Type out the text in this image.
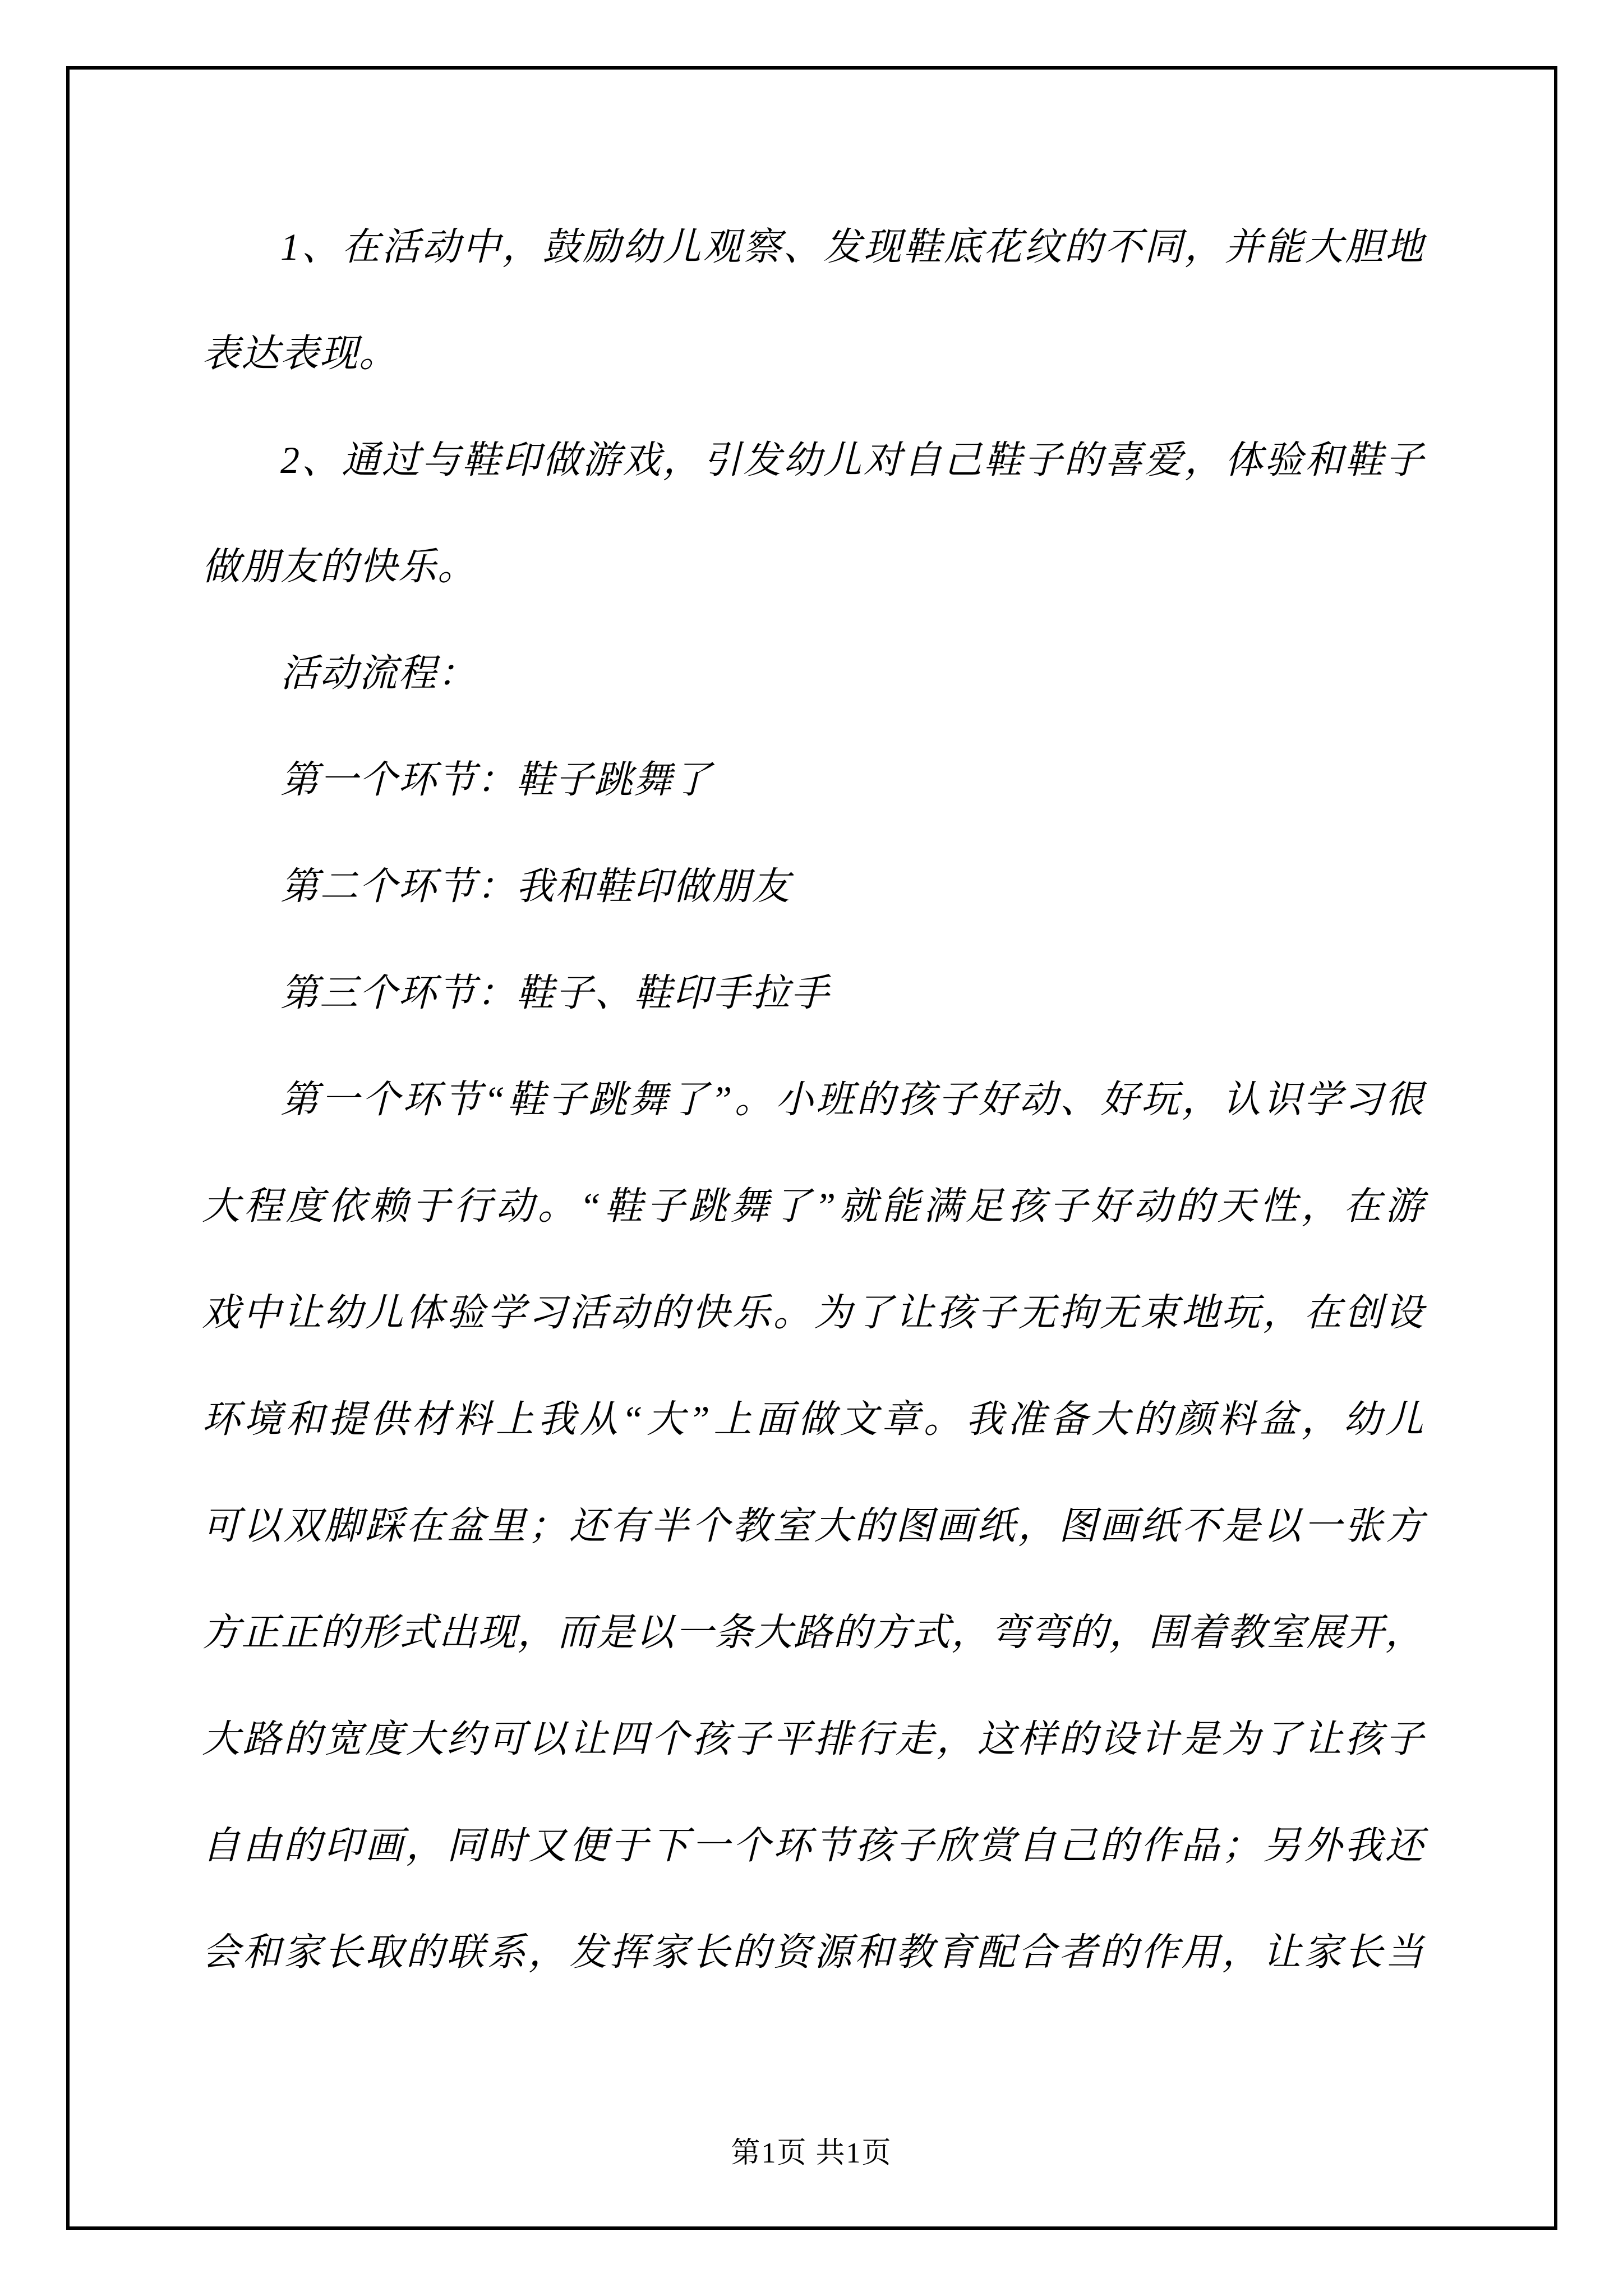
1、在活动中，鼓励幼儿观察、发现鞋底花纹的不同，并能大胆地
表达表现。
2、通过与鞋印做游戏，引发幼儿对自己鞋子的喜爱，体验和鞋子
做朋友的快乐。
活动流程：
第一个环节：鞋子跳舞了
第二个环节：我和鞋印做朋友
第三个环节：鞋子、鞋印手拉手
第一个环节“鞋子跳舞了”。小班的孩子好动、好玩，认识学习很
大程度依赖于行动。“鞋子跳舞了”就能满足孩子好动的天性，在游
戏中让幼儿体验学习活动的快乐。为了让孩子无拘无束地玩，在创设
环境和提供材料上我从“大”上面做文章。我准备大的颜料盆，幼儿
可以双脚踩在盆里；还有半个教室大的图画纸，图画纸不是以一张方
方正正的形式出现，而是以一条大路的方式，弯弯的，围着教室展开，
大路的宽度大约可以让四个孩子平排行走，这样的设计是为了让孩子
自由的印画，同时又便于下一个环节孩子欣赏自己的作品；另外我还
会和家长取的联系，发挥家长的资源和教育配合者的作用，让家长当
第1页 共1页
